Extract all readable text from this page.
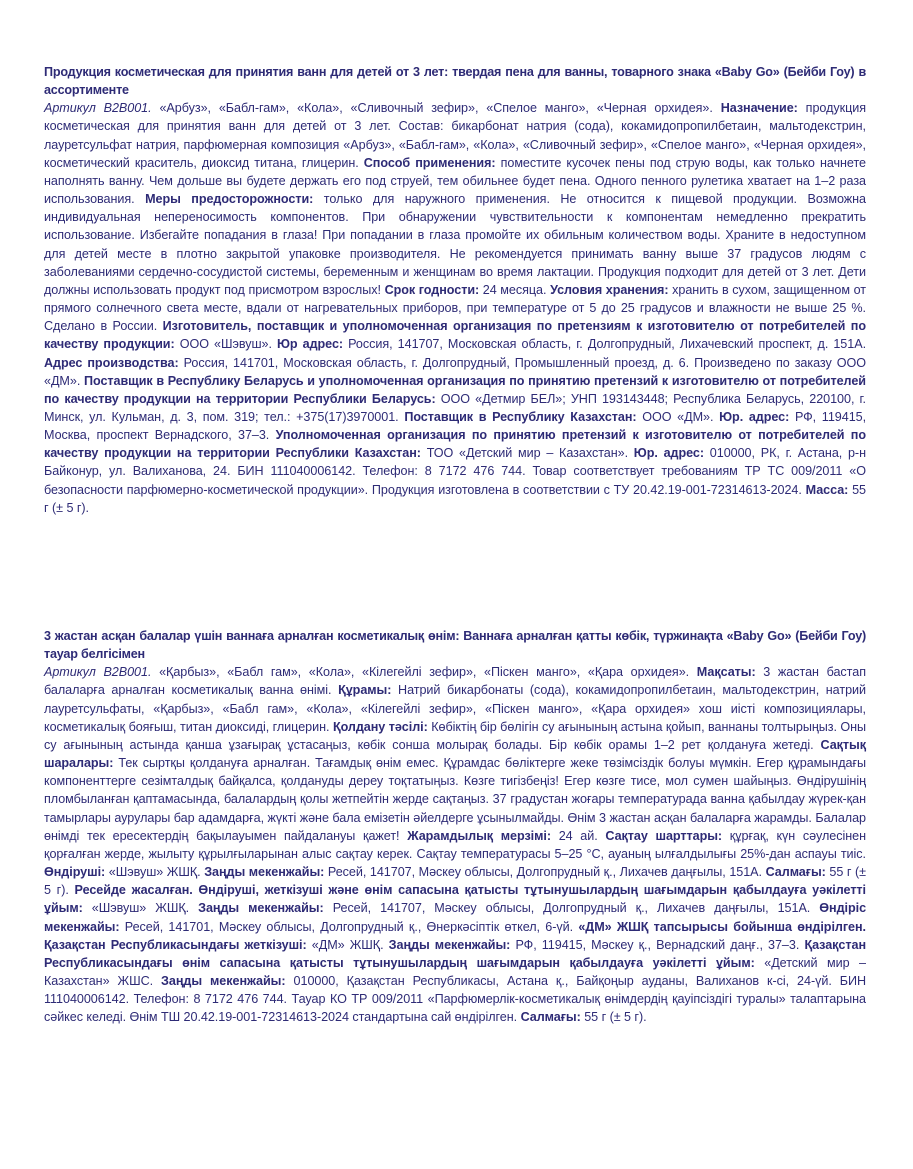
Продукция косметическая для принятия ванн для детей от 3 лет: твердая пена для ванны, товарного знака «Baby Go» (Бейби Гоу) в ассортименте
Артикул B2B001. «Арбуз», «Бабл-гам», «Кола», «Сливочный зефир», «Спелое манго», «Черная орхидея». Назначение: продукция косметическая для принятия ванн для детей от 3 лет. Состав: бикарбонат натрия (сода), кокамидопропилбетаин, мальтодекстрин, лауретсульфат натрия, парфюмерная композиция «Арбуз», «Бабл-гам», «Кола», «Сливочный зефир», «Спелое манго», «Черная орхидея», косметический краситель, диоксид титана, глицерин. Способ применения: поместите кусочек пены под струю воды, как только начнете наполнять ванну. Чем дольше вы будете держать его под струей, тем обильнее будет пена. Одного пенного рулетика хватает на 1–2 раза использования. Меры предосторожности: только для наружного применения. Не относится к пищевой продукции. Возможна индивидуальная непереносимость компонентов. При обнаружении чувствительности к компонентам немедленно прекратить использование. Избегайте попадания в глаза! При попадании в глаза промойте их обильным количеством воды. Храните в недоступном для детей месте в плотно закрытой упаковке производителя. Не рекомендуется принимать ванну выше 37 градусов людям с заболеваниями сердечно-сосудистой системы, беременным и женщинам во время лактации. Продукция подходит для детей от 3 лет. Дети должны использовать продукт под присмотром взрослых! Срок годности: 24 месяца. Условия хранения: хранить в сухом, защищенном от прямого солнечного света месте, вдали от нагревательных приборов, при температуре от 5 до 25 градусов и влажности не выше 25 %. Сделано в России. Изготовитель, поставщик и уполномоченная организация по претензиям к изготовителю от потребителей по качеству продукции: ООО «Шэвуш». Юр адрес: Россия, 141707, Московская область, г. Долгопрудный, Лихачевский проспект, д. 151А. Адрес производства: Россия, 141701, Московская область, г. Долгопрудный, Промышленный проезд, д. 6. Произведено по заказу ООО «ДМ». Поставщик в Республику Беларусь и уполномоченная организация по принятию претензий к изготовителю от потребителей по качеству продукции на территории Республики Беларусь: ООО «Детмир БЕЛ»; УНП 193143448; Республика Беларусь, 220100, г. Минск, ул. Кульман, д. 3, пом. 319; тел.: +375(17)3970001. Поставщик в Республику Казахстан: ООО «ДМ». Юр. адрес: РФ, 119415, Москва, проспект Вернадского, 37–3. Уполномоченная организация по принятию претензий к изготовителю от потребителей по качеству продукции на территории Республики Казахстан: ТОО «Детский мир – Казахстан». Юр. адрес: 010000, РК, г. Астана, р-н Байконур, ул. Валиханова, 24. БИН 111040006142. Телефон: 8 7172 476 744. Товар соответствует требованиям ТР ТС 009/2011 «О безопасности парфюмерно-косметической продукции». Продукция изготовлена в соответствии с ТУ 20.42.19-001-72314613-2024. Масса: 55 г (± 5 г).
3 жастан асқан балалар үшін ваннаға арналған косметикалық өнім: Ваннаға арналған қатты көбік, түржинақта «Baby Go» (Бейби Гоу) тауар белгісімен
Артикул B2B001. «Қарбыз», «Бабл гам», «Кола», «Кілегейлі зефир», «Піскен манго», «Қара орхидея». Мақсаты: 3 жастан бастап балаларға арналған косметикалық ванна өнімі. Құрамы: Натрий бикарбонаты (сода), кокамидопропилбетаин, мальтодекстрин, натрий лауретсульфаты, «Қарбыз», «Бабл гам», «Кола», «Кілегейлі зефир», «Піскен манго», «Қара орхидея» хош иісті композициялары, косметикалық бояғыш, титан диоксиді, глицерин. Қолдану тәсілі: Көбіктің бір бөлігін су ағынының астына қойып, ваннаны толтырыңыз. Оны су ағынының астында қанша ұзағырақ ұстасаңыз, көбік сонша молырақ болады. Бір көбік орамы 1–2 рет қолдануға жетеді. Сақтық шаралары: Тек сыртқы қолдануға арналған. Тағамдық өнім емес. Құрамдас бөліктерге жеке төзімсіздік болуы мүмкін. Егер құрамындағы компоненттерге сезімталдық байқалса, қолдануды дереу тоқтатыңыз. Көзге тигізбеңіз! Егер көзге тисе, мол сумен шайыңыз. Өндірушінің пломбыланған қаптамасында, балалардың қолы жетпейтін жерде сақтаңыз. 37 градустан жоғары температурада ванна қабылдау жүрек-қан тамырлары аурулары бар адамдарға, жүкті және бала емізетін әйелдерге ұсынылмайды. Өнім 3 жастан асқан балаларға жарамды. Балалар өнімді тек ересектердің бақылауымен пайдалануы қажет! Жарамдылық мерзімі: 24 ай. Сақтау шарттары: құрғақ, күн сәулесінен қорғалған жерде, жылыту құрылғыларынан алыс сақтау керек. Сақтау температурасы 5–25 °С, ауаның ылғалдылығы 25%-дан аспауы тиіс. Өндіруші: «Шэвуш» ЖШҚ. Заңды мекенжайы: Ресей, 141707, Мәскеу облысы, Долгопрудный қ., Лихачев даңғылы, 151А. Салмағы: 55 г (± 5 г). Ресейде жасалған. Өндіруші, жеткізуші және өнім сапасына қатысты тұтынушылардың шағымдарын қабылдауға уәкілетті ұйым: «Шэвуш» ЖШҚ. Заңды мекенжайы: Ресей, 141707, Мәскеу облысы, Долгопрудный қ., Лихачев даңғылы, 151А. Өндіріс мекенжайы: Ресей, 141701, Мәскеу облысы, Долгопрудный қ., Өнеркәсіптік өткел, 6-үй. «ДМ» ЖШҚ тапсырысы бойынша өндірілген. Қазақстан Республикасындағы жеткізуші: «ДМ» ЖШҚ. Заңды мекенжайы: РФ, 119415, Мәскеу қ., Вернадский даңғ., 37–3. Қазақстан Республикасындағы өнім сапасына қатысты тұтынушылардың шағымдарын қабылдауға уәкілетті ұйым: «Детский мир – Казахстан» ЖШС. Заңды мекенжайы: 010000, Қазақстан Республикасы, Астана қ., Байқоңыр ауданы, Валиханов к-сі, 24-үй. БИН 111040006142. Телефон: 8 7172 476 744. Тауар КО ТР 009/2011 «Парфюмерлік-косметикалық өнімдердің қауіпсіздігі туралы» талаптарына сәйкес келеді. Өнім ТШ 20.42.19-001-72314613-2024 стандартына сай өндірілген. Салмағы: 55 г (± 5 г).
